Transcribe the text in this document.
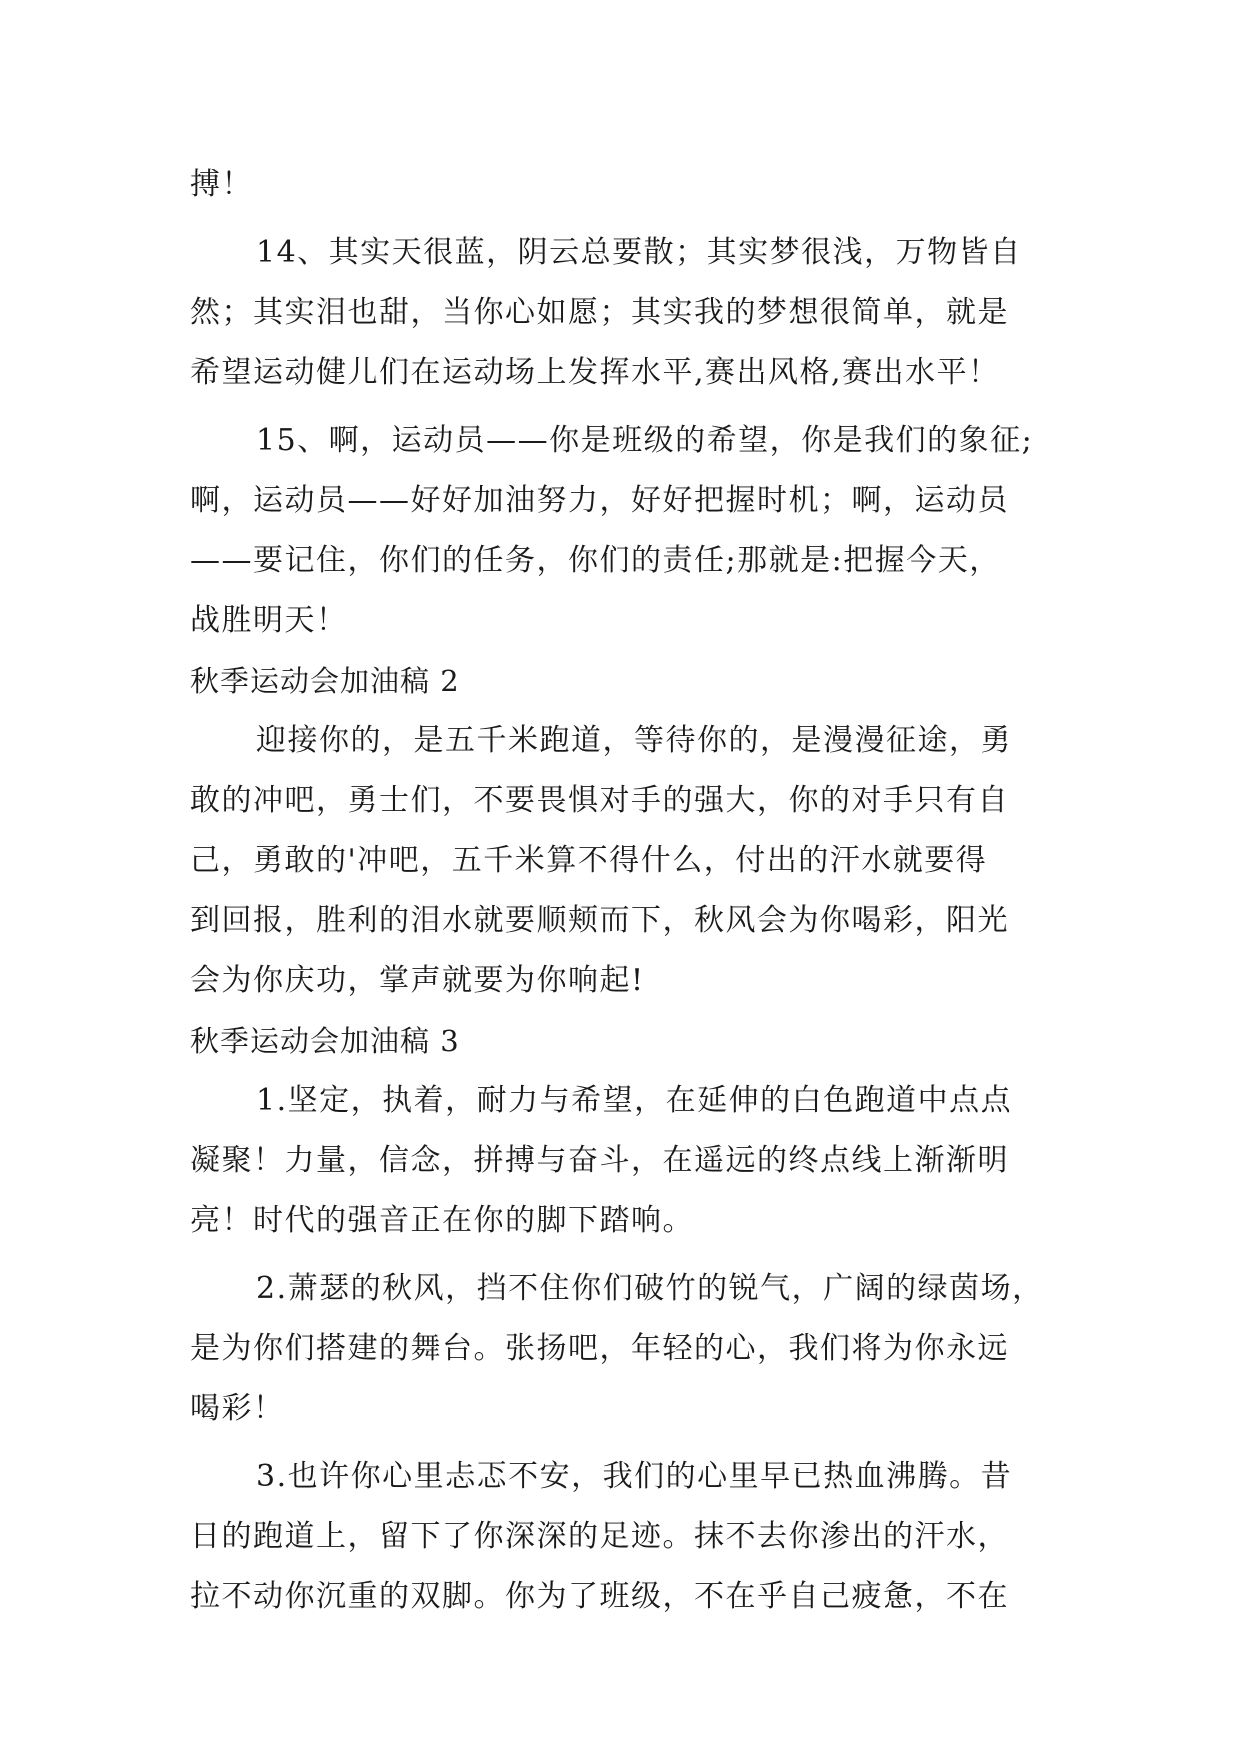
搏！
14、其实天很蓝，阴云总要散；其实梦很浅，万物皆自
然；其实泪也甜，当你心如愿；其实我的梦想很简单，就是
希望运动健儿们在运动场上发挥水平,赛出风格,赛出水平！
15、啊，运动员——你是班级的希望，你是我们的象征;
啊，运动员——好好加油努力，好好把握时机；啊，运动员
——要记住，你们的任务，你们的责任;那就是:把握今天，
战胜明天！
秋季运动会加油稿 2
迎接你的，是五千米跑道，等待你的，是漫漫征途，勇
敢的冲吧，勇士们，不要畏惧对手的强大，你的对手只有自
己，勇敢的'冲吧，五千米算不得什么，付出的汗水就要得
到回报，胜利的泪水就要顺颊而下，秋风会为你喝彩，阳光
会为你庆功，掌声就要为你响起!
秋季运动会加油稿 3
1.坚定，执着，耐力与希望，在延伸的白色跑道中点点
凝聚！力量，信念，拼搏与奋斗，在遥远的终点线上渐渐明
亮！时代的强音正在你的脚下踏响。
2.萧瑟的秋风，挡不住你们破竹的锐气，广阔的绿茵场，
是为你们搭建的舞台。张扬吧，年轻的心，我们将为你永远
喝彩！
3.也许你心里忐忑不安，我们的心里早已热血沸腾。昔
日的跑道上，留下了你深深的足迹。抹不去你渗出的汗水，
拉不动你沉重的双脚。你为了班级，不在乎自己疲惫，不在
